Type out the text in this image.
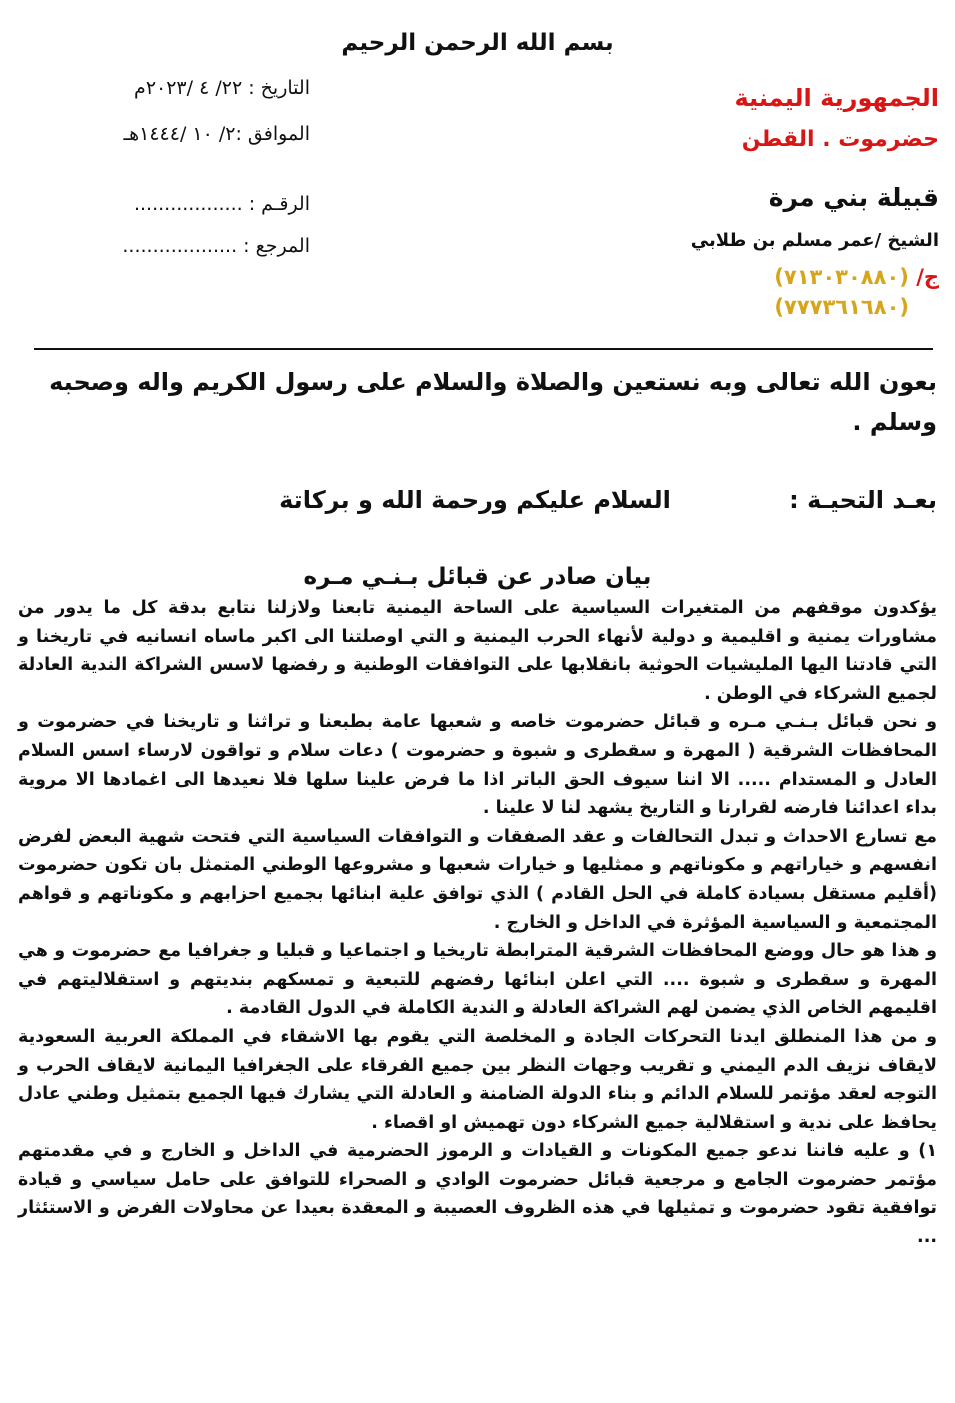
بسم الله الرحمن الرحيم
الجمهورية اليمنية
حضرموت . القطن
قبيلة بني مرة
الشيخ /عمر مسلم بن طلابي
ج/ (٧١٣٠٣٠٨٨٠)
(٧٧٧٣٦١٦٨٠)
التاريخ : ٢٢/ ٤ /٢٠٢٣م
الموافق :٢/ ١٠ /١٤٤٤هـ
الرقـم : ..................
المرجع : ...................
بعون الله تعالى وبه نستعين والصلاة والسلام على رسول الكريم واله وصحبه وسلم .
بعـد التحيـة : السلام عليكم ورحمة الله و بركاتة
بيان صادر عن قبائل بـنـي مـره

يؤكدون موقفهم من المتغيرات السياسية على الساحة اليمنية تابعنا ولازلنا نتابع بدقة كل ما يدور من مشاورات يمنية و اقليمية و دولية لأنهاء الحرب اليمنية و التي اوصلتنا الى اكبر ماساه انسانيه في تاريخنا و التي قادتنا اليها المليشيات الحوثية بانقلابها على التوافقات الوطنية و رفضها لاسس الشراكة الندية العادلة لجميع الشركاء في الوطن .

و نحن قبائل بـنـي مـره و قبائل حضرموت خاصه و شعبها عامة بطبعنا و تراثنا و تاريخنا في حضرموت و المحافظات الشرقية ( المهرة و سقطرى و شبوة و حضرموت ) دعات سلام و تواقون لارساء اسس السلام العادل و المستدام ..... الا اننا سيوف الحق الباتر اذا ما فرض علينا سلها فلا نعيدها الى اغمادها الا مروية بداء اعدائنا فارضه لقرارنا و التاريخ يشهد لنا لا علينا .

مع تسارع الاحداث و تبدل التحالفات و عقد الصفقات و التوافقات السياسية التي فتحت شهية البعض لفرض انفسهم و خياراتهم و مكوناتهم و ممثليها و خيارات شعبها و مشروعها الوطني المتمثل بان تكون حضرموت (أقليم مستقل بسيادة كاملة في الحل القادم ) الذي توافق علية ابنائها بجميع احزابهم و مكوناتهم و قواهم المجتمعية و السياسية المؤثرة في الداخل و الخارج .

و هذا هو حال ووضع المحافظات الشرقية المترابطة تاريخيا و اجتماعيا و قبليا و جغرافيا مع حضرموت و هي المهرة و سقطرى و شبوة .... التي اعلن ابنائها رفضهم للتبعية و تمسكهم بنديتهم و استقلاليتهم في اقليمهم الخاص الذي يضمن لهم الشراكة العادلة و الندية الكاملة في الدول القادمة .

و من هذا المنطلق ايدنا التحركات الجادة و المخلصة التي يقوم بها الاشقاء في المملكة العربية السعودية لايقاف نزيف الدم اليمني و تقريب وجهات النظر بين جميع الفرقاء على الجغرافيا اليمانية لايقاف الحرب و التوجه لعقد مؤتمر للسلام الدائم و بناء الدولة الضامنة و العادلة التي يشارك فيها الجميع بتمثيل وطني عادل يحافظ على ندية و استقلالية جميع الشركاء دون تهميش او اقصاء .

١) و عليه فاننا ندعو جميع المكونات و القيادات و الرموز الحضرمية في الداخل و الخارج و في مقدمتهم مؤتمر حضرموت الجامع و مرجعية قبائل حضرموت الوادي و الصحراء للتوافق على حامل سياسي و قيادة توافقية تقود حضرموت و تمثيلها في هذه الظروف العصيبة و المعقدة بعيدا عن محاولات الفرض و الاستئثار ...
